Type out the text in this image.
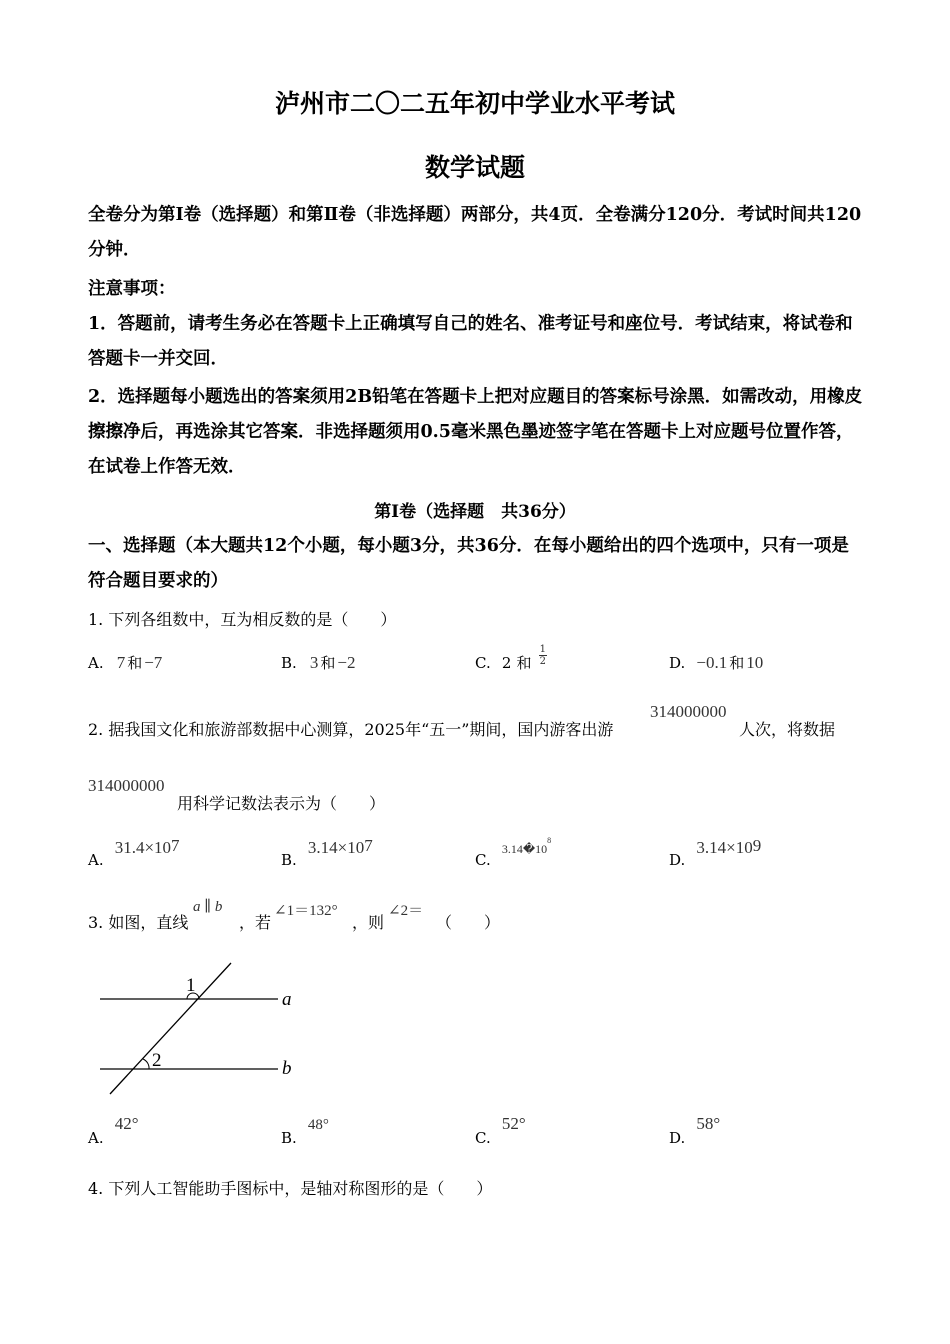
泸州市二〇二五年初中学业水平考试
数学试题
全卷分为第Ⅰ卷（选择题）和第Ⅱ卷（非选择题）两部分，共4页．全卷满分120分．考试时间共120分钟．
注意事项：
1．答题前，请考生务必在答题卡上正确填写自己的姓名、准考证号和座位号．考试结束，将试卷和答题卡一并交回．
2．选择题每小题选出的答案须用2B铅笔在答题卡上把对应题目的答案标号涂黑．如需改动，用橡皮擦擦净后，再选涂其它答案．非选择题须用0.5毫米黑色墨迹签字笔在答题卡上对应题号位置作答，在试卷上作答无效．
第Ⅰ卷（选择题　共36分）
一、选择题（本大题共12个小题，每小题3分，共36分．在每小题给出的四个选项中，只有一项是符合题目要求的）
1. 下列各组数中，互为相反数的是（　　）
A. 7 和 −7	B. 3 和 −2	C. 2 和 $\frac{1}{2}$	D. −0.1 和 10
2. 据我国文化和旅游部数据中心测算，2025年“五一”期间，国内游客出游
314000000
人次，将数据
314000000
用科学记数法表示为（　　）
A. $31.4\times 10^7$
B. $3.14\times 10^7$
C. $3.14�10^8$
D. $3.14\times 10^9$
3. 如图，直线
a ∥ b
，若
∠1＝132°
，则
∠2＝
（　　）
1
2
a
b
A. 42°
B. 48°
C. 52°
D. 58°
4. 下列人工智能助手图标中，是轴对称图形的是（　　）
